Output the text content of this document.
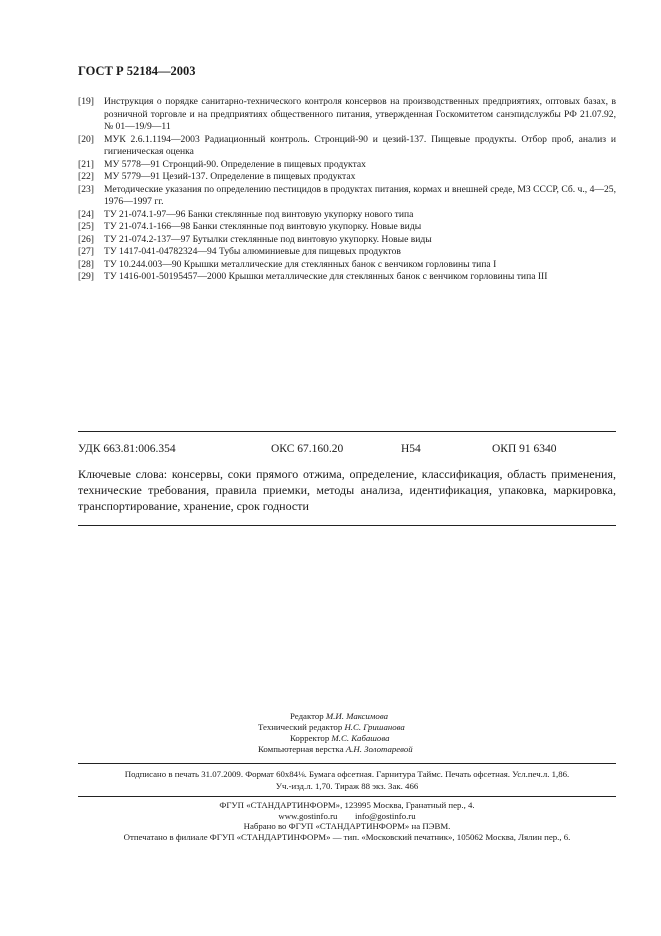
ГОСТ Р 52184—2003
[19]	Инструкция о порядке санитарно-технического контроля консервов на производственных предприятиях, оптовых базах, в розничной торговле и на предприятиях общественного питания, утвержденная Госкомитетом санэпидслужбы РФ 21.07.92, № 01—19/9—11
[20]	МУК 2.6.1.1194—2003 Радиационный контроль. Стронций-90 и цезий-137. Пищевые продукты. Отбор проб, анализ и гигиеническая оценка
[21]	МУ 5778—91 Стронций-90. Определение в пищевых продуктах
[22]	МУ 5779—91 Цезий-137. Определение в пищевых продуктах
[23]	Методические указания по определению пестицидов в продуктах питания, кормах и внешней среде, МЗ СССР, Сб. ч., 4—25, 1976—1997 гг.
[24]	ТУ 21-074.1-97—96 Банки стеклянные под винтовую укупорку нового типа
[25]	ТУ 21-074.1-166—98 Банки стеклянные под винтовую укупорку. Новые виды
[26]	ТУ 21-074.2-137—97 Бутылки стеклянные под винтовую укупорку. Новые виды
[27]	ТУ 1417-041-04782324—94 Тубы алюминиевые для пищевых продуктов
[28]	ТУ 10.244.003—90 Крышки металлические для стеклянных банок с венчиком горловины типа I
[29]	ТУ 1416-001-50195457—2000 Крышки металлические для стеклянных банок с венчиком горловины типа III
УДК 663.81:006.354	ОКС 67.160.20	Н54	ОКП 91 6340
Ключевые слова: консервы, соки прямого отжима, определение, классификация, область применения, технические требования, правила приемки, методы анализа, идентификация, упаковка, маркировка, транспортирование, хранение, срок годности
Редактор М.И. Максимова
Технический редактор Н.С. Гришанова
Корректор М.С. Кабашова
Компьютерная верстка А.Н. Золотаревой
Подписано в печать 31.07.2009. Формат 60x84⅛. Бумага офсетная. Гарнитура Таймс. Печать офсетная. Усл.печ.л. 1,86.
Уч.-изд.л. 1,70. Тираж 88 экз. Зак. 466
ФГУП «СТАНДАРТИНФОРМ», 123995 Москва, Гранатный пер., 4.
www.gostinfo.ru info@gostinfo.ru
Набрано во ФГУП «СТАНДАРТИНФОРМ» на ПЭВМ.
Отпечатано в филиале ФГУП «СТАНДАРТИНФОРМ» — тип. «Московский печатник», 105062 Москва, Лялин пер., 6.
